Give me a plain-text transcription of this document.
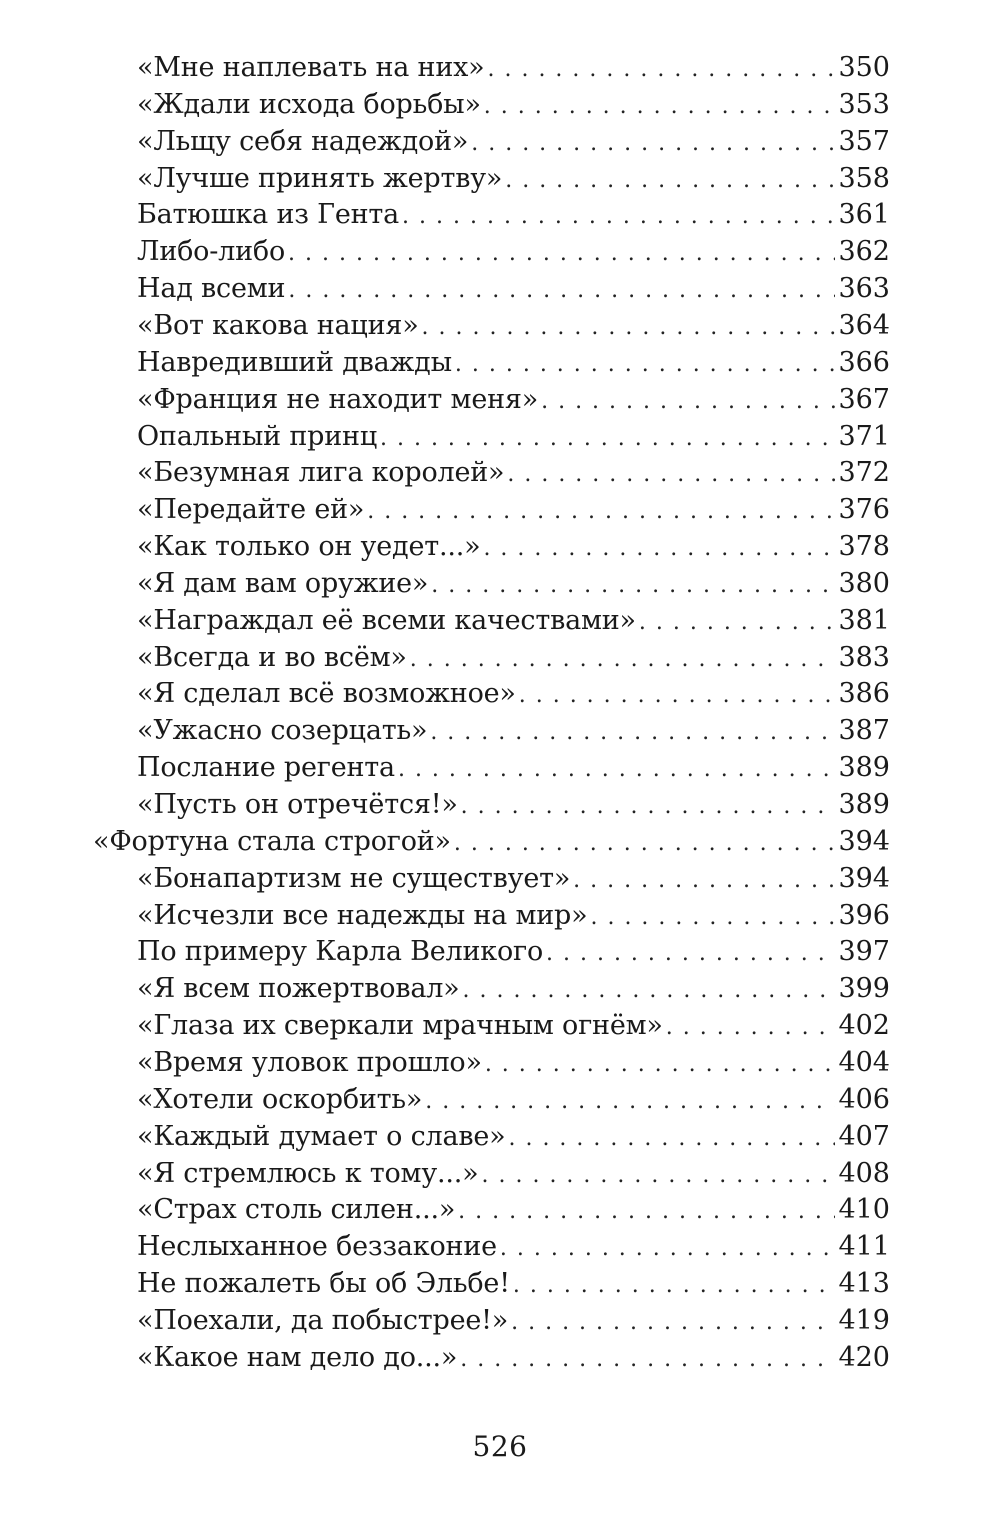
«Мне наплевать на них» . . .	350
«Ждали исхода борьбы» . . .	353
«Льщу себя надеждой» . . .	357
«Лучше принять жертву» . . .	358
Батюшка из Гента . . .	361
Либо-либо . . .	362
Над всеми . . .	363
«Вот какова нация» . . .	364
Навредивший дважды . . .	366
«Франция не находит меня» . . .	367
Опальный принц . . .	371
«Безумная лига королей» . . .	372
«Передайте ей» . . .	376
«Как только он уедет...» . . .	378
«Я дам вам оружие» . . .	380
«Награждал её всеми качествами» . . .	381
«Всегда и во всём» . . .	383
«Я сделал всё возможное» . . .	386
«Ужасно созерцать» . . .	387
Послание регента . . .	389
«Пусть он отречётся!» . . .	389
«Фортуна стала строгой» . . .	394
«Бонапартизм не существует» . . .	394
«Исчезли все надежды на мир» . . .	396
По примеру Карла Великого . . .	397
«Я всем пожертвовал» . . .	399
«Глаза их сверкали мрачным огнём» . . .	402
«Время уловок прошло» . . .	404
«Хотели оскорбить» . . .	406
«Каждый думает о славе» . . .	407
«Я стремлюсь к тому...» . . .	408
«Страх столь силен...» . . .	410
Неслыханное беззаконие . . .	411
Не пожалеть бы об Эльбе! . . .	413
«Поехали, да побыстрее!» . . .	419
«Какое нам дело до...» . . .	420
526
